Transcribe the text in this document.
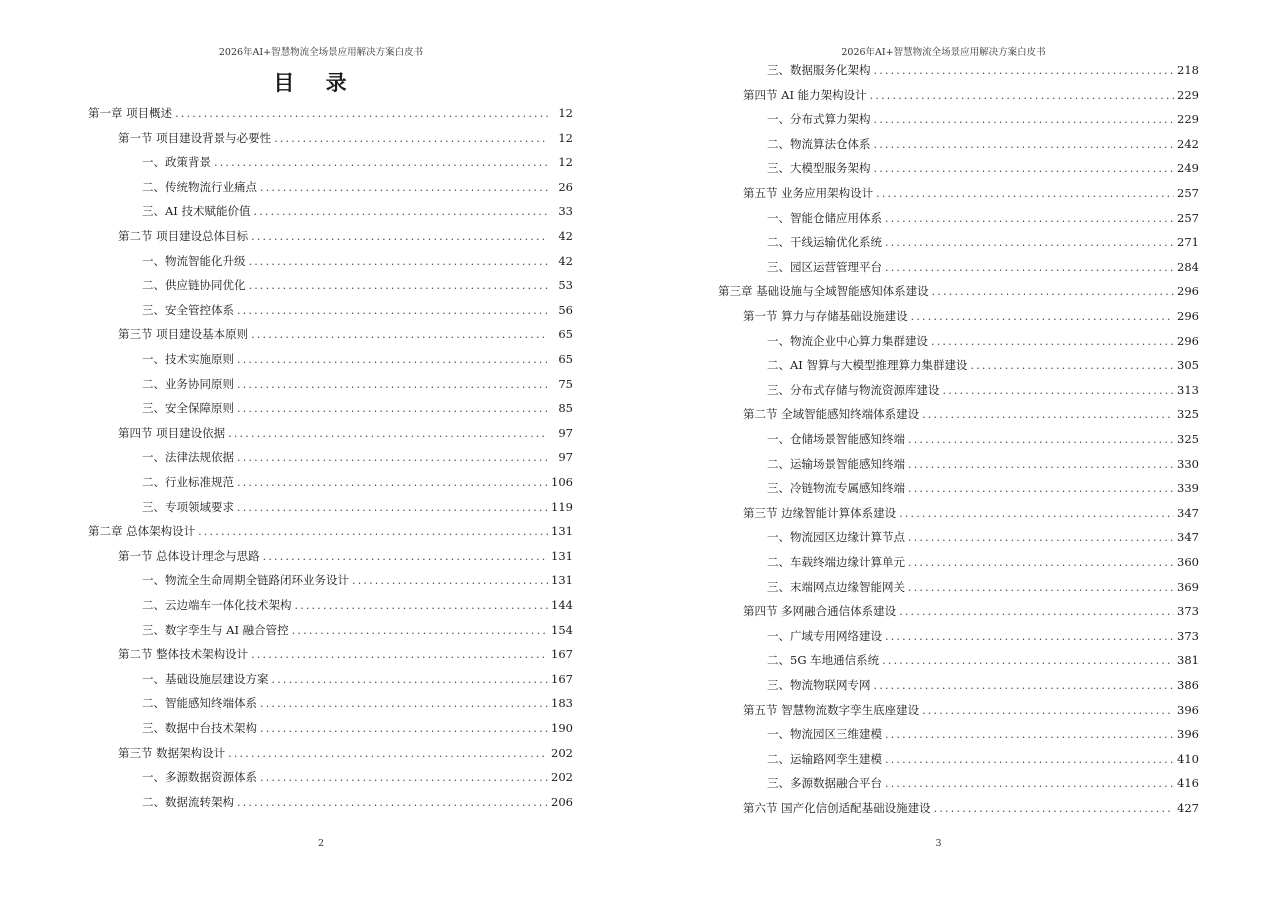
2026年AI+智慧物流全场景应用解决方案白皮书
目 录
第一章 项目概述 .....	12
第一节 项目建设背景与必要性 .....	12
一、政策背景 .....	12
二、传统物流行业痛点 .....	26
三、AI 技术赋能价值 .....	33
第二节 项目建设总体目标 .....	42
一、物流智能化升级 .....	42
二、供应链协同优化 .....	53
三、安全管控体系 .....	56
第三节 项目建设基本原则 .....	65
一、技术实施原则 .....	65
二、业务协同原则 .....	75
三、安全保障原则 .....	85
第四节 项目建设依据 .....	97
一、法律法规依据 .....	97
二、行业标准规范 .....	106
三、专项领域要求 .....	119
第二章 总体架构设计 .....	131
第一节 总体设计理念与思路 .....	131
一、物流全生命周期全链路闭环业务设计 .....	131
二、云边端车一体化技术架构 .....	144
三、数字孪生与 AI 融合管控 .....	154
第二节 整体技术架构设计 .....	167
一、基础设施层建设方案 .....	167
二、智能感知终端体系 .....	183
三、数据中台技术架构 .....	190
第三节 数据架构设计 .....	202
一、多源数据资源体系 .....	202
二、数据流转架构 .....	206
2
2026年AI+智慧物流全场景应用解决方案白皮书
三、数据服务化架构 .....	218
第四节 AI 能力架构设计 .....	229
一、分布式算力架构 .....	229
二、物流算法仓体系 .....	242
三、大模型服务架构 .....	249
第五节 业务应用架构设计 .....	257
一、智能仓储应用体系 .....	257
二、干线运输优化系统 .....	271
三、园区运营管理平台 .....	284
第三章 基础设施与全域智能感知体系建设 .....	296
第一节 算力与存储基础设施建设 .....	296
一、物流企业中心算力集群建设 .....	296
二、AI 智算与大模型推理算力集群建设 .....	305
三、分布式存储与物流资源库建设 .....	313
第二节 全域智能感知终端体系建设 .....	325
一、仓储场景智能感知终端 .....	325
二、运输场景智能感知终端 .....	330
三、冷链物流专属感知终端 .....	339
第三节 边缘智能计算体系建设 .....	347
一、物流园区边缘计算节点 .....	347
二、车载终端边缘计算单元 .....	360
三、末端网点边缘智能网关 .....	369
第四节 多网融合通信体系建设 .....	373
一、广域专用网络建设 .....	373
二、5G 车地通信系统 .....	381
三、物流物联网专网 .....	386
第五节 智慧物流数字孪生底座建设 .....	396
一、物流园区三维建模 .....	396
二、运输路网孪生建模 .....	410
三、多源数据融合平台 .....	416
第六节 国产化信创适配基础设施建设 .....	427
3
